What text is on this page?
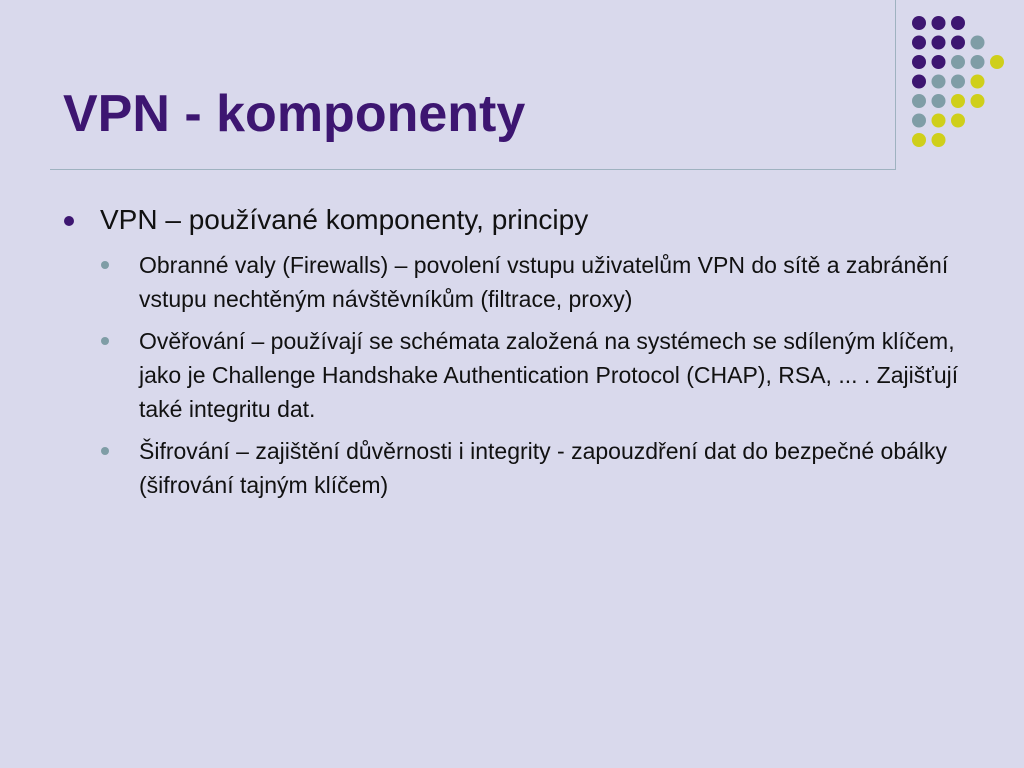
VPN - komponenty
VPN – používané komponenty, principy
Obranné valy (Firewalls) – povolení vstupu uživatelům VPN do sítě a zabránění vstupu nechtěným návštěvníkům (filtrace, proxy)
Ověřování – používají se schémata založená na systémech se sdíleným klíčem, jako je Challenge Handshake Authentication Protocol (CHAP), RSA, ... . Zajišťují také integritu dat.
Šifrování – zajištění důvěrnosti i integrity - zapouzdření dat do bezpečné obálky (šifrování tajným klíčem)
